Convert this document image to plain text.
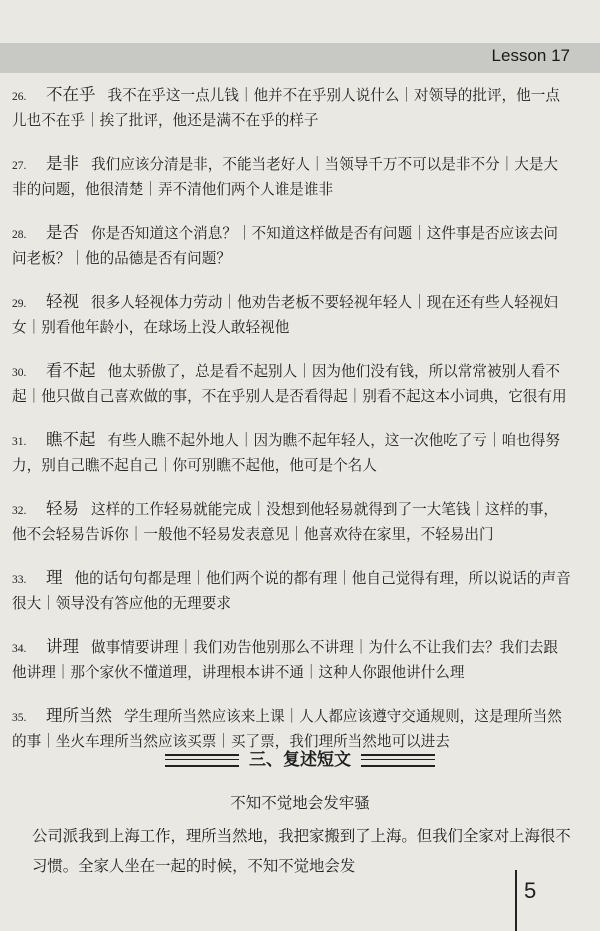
Lesson 17
26. 不在乎 我不在乎这一点儿钱｜他并不在乎别人说什么｜对领导的批评，他一点儿也不在乎｜挨了批评，他还是满不在乎的样子
27. 是非 我们应该分清是非，不能当老好人｜当领导千万不可以是非不分｜大是大非的问题，他很清楚｜弄不清他们两个人谁是谁非
28. 是否 你是否知道这个消息？｜不知道这样做是否有问题｜这件事是否应该去问问老板？｜他的品德是否有问题？
29. 轻视 很多人轻视体力劳动｜他劝告老板不要轻视年轻人｜现在还有些人轻视妇女｜别看他年龄小，在球场上没人敢轻视他
30. 看不起 他太骄傲了，总是看不起别人｜因为他们没有钱，所以常常被别人看不起｜他只做自己喜欢做的事，不在乎别人是否看得起｜别看不起这本小词典，它很有用
31. 瞧不起 有些人瞧不起外地人｜因为瞧不起年轻人，这一次他吃了亏｜咱也得努力，别自己瞧不起自己｜你可别瞧不起他，他可是个名人
32. 轻易 这样的工作轻易就能完成｜没想到他轻易就得到了一大笔钱｜这样的事，他不会轻易告诉你｜一般他不轻易发表意见｜他喜欢待在家里，不轻易出门
33. 理 他的话句句都是理｜他们两个说的都有理｜他自己觉得有理，所以说话的声音很大｜领导没有答应他的无理要求
34. 讲理 做事情要讲理｜我们劝告他别那么不讲理｜为什么不让我们去？我们去跟他讲理｜那个家伙不懂道理，讲理根本讲不通｜这种人你跟他讲什么理
35. 理所当然 学生理所当然应该来上课｜人人都应该遵守交通规则，这是理所当然的事｜坐火车理所当然应该买票｜买了票，我们理所当然地可以进去
三、复述短文
不知不觉地会发牢骚
公司派我到上海工作，理所当然地，我把家搬到了上海。但我们全家对上海很不习惯。全家人坐在一起的时候，不知不觉地会发
5
